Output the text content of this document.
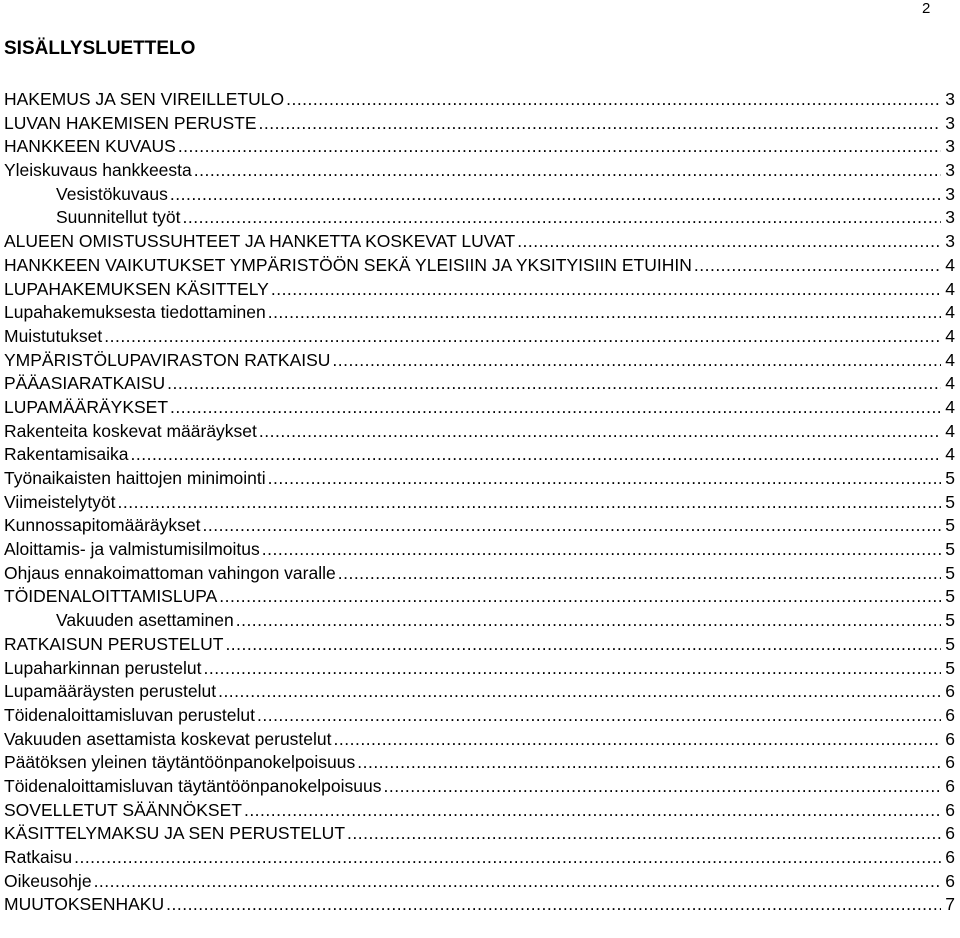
2
SISÄLLYSLUETTELO
HAKEMUS JA SEN VIREILLETULO .....	3
LUVAN HAKEMISEN PERUSTE .....	3
HANKKEEN KUVAUS .....	3
Yleiskuvaus hankkeesta .....	3
Vesistökuvaus .....	3
Suunnitellut työt .....	3
ALUEEN OMISTUSSUHTEET JA HANKETTA KOSKEVAT LUVAT .....	3
HANKKEEN VAIKUTUKSET YMPÄRISTÖÖN SEKÄ YLEISIIN JA YKSITYISIIN ETUIHIN .....	4
LUPAHAKEMUKSEN KÄSITTELY .....	4
Lupahakemuksesta tiedottaminen .....	4
Muistutukset .....	4
YMPÄRISTÖLUPAVIRASTON RATKAISU .....	4
PÄÄASIARATKAISU .....	4
LUPAMÄÄRÄYKSET .....	4
Rakenteita koskevat määräykset .....	4
Rakentamisaika .....	4
Työnaikaisten haittojen minimointi .....	5
Viimeistelytyöt .....	5
Kunnossapitomääräykset .....	5
Aloittamis- ja valmistumisilmoitus .....	5
Ohjaus ennakoimattoman vahingon varalle .....	5
TÖIDENALOITTAMISLUPA .....	5
Vakuuden asettaminen .....	5
RATKAISUN PERUSTELUT .....	5
Lupaharkinnan perustelut .....	5
Lupamääräysten perustelut .....	6
Töidenaloittamisluvan perustelut .....	6
Vakuuden asettamista koskevat perustelut .....	6
Päätöksen yleinen täytäntöönpanokelpoisuus .....	6
Töidenaloittamisluvan täytäntöönpanokelpoisuus .....	6
SOVELLETUT SÄÄNNÖKSET .....	6
KÄSITTELYMAKSU JA SEN PERUSTELUT .....	6
Ratkaisu .....	6
Oikeusohje .....	6
MUUTOKSENHAKU .....	7
